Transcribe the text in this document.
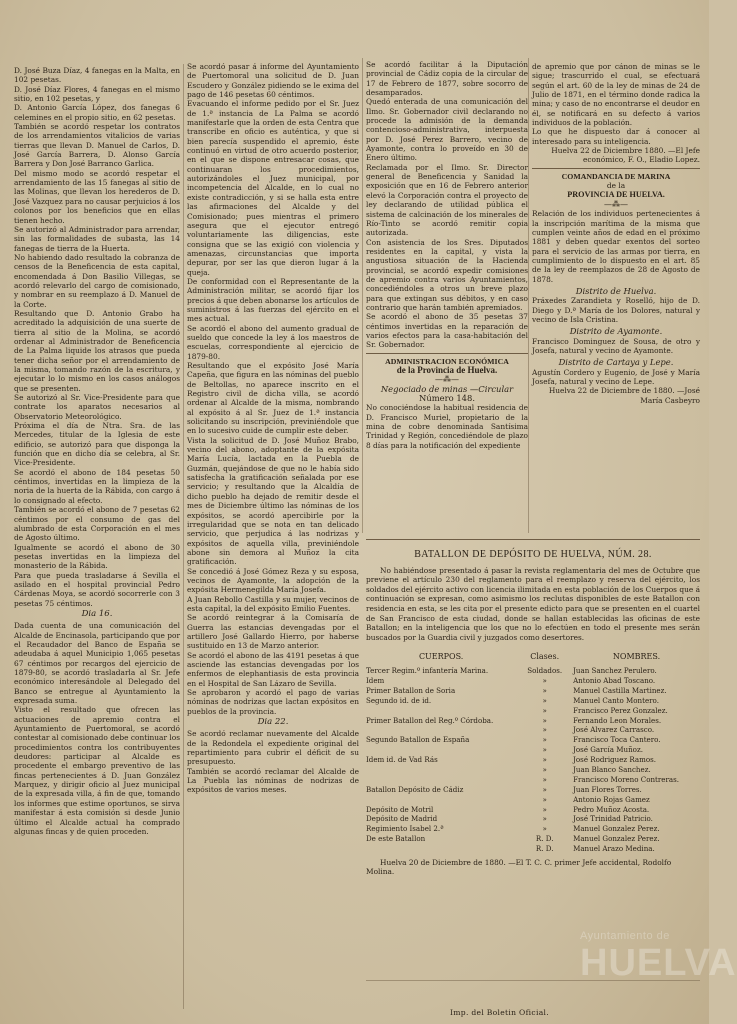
D. José Buza Díaz, 4 fanegas en la Malta, en 102 pesetas.

D. José Díaz Flores, 4 fanegas en el mismo sitio, en 102 pesetas, y

D. Antonio García López, dos fanegas 6 celemines en el propio sitio, en 62 pesetas.

También se acordó respetar los contratos de los arrendamientos vitalicios de varias tierras que llevan D. Manuel de Carlos, D. José García Barrera, D. Alonso García Barrera y Don José Barranco Garlica.

Del mismo modo se acordó respetar el arrendamiento de las 15 fanegas al sitio de las Molinas, que llevan los herederos de D. José Vazquez para no causar perjuicios á los colonos por los beneficios que en ellas tienen hecho.

Se autorizó al Administrador para arrendar, sin las formalidades de subasta, las 14 fanegas de tierra de la Huerta.

No habiendo dado resultado la cobranza de censos de la Beneficencia de esta capital, encomendada á Don Basilio Villegas, se acordó relevarlo del cargo de comisionado, y nombrar en su reemplazo á D. Manuel de la Corte.

Resultando que D. Antonio Grabo ha acreditado la adquisición de una suerte de tierra al sitio de la Molina, se acordó ordenar al Administrador de Beneficencia de La Palma liquide los atrasos que pueda tener dicha señor por el arrendamiento de la misma, tomando razón de la escritura, y ejecutar lo lo mismo en los casos análogos que se presenten.

Se autorizó al Sr. Vice-Presidente para que contrate los aparatos necesarios al Observatorio Meteorológico.

Próxima el día de Ntra. Sra. de las Mercedes, titular de la Iglesia de este edificio, se autorizó para que disponga la función que en dicho día se celebra, al Sr. Vice-Presidente.

Se acordó el abono de 184 pesetas 50 céntimos, invertidas en la limpieza de la noria de la huerta de la Rábida, con cargo á lo consignado al efecto.

También se acordó el abono de 7 pesetas 62 céntimos por el consumo de gas del alumbrado de esta Corporación en el mes de Agosto último.

Igualmente se acordó el abono de 30 pesetas invertidas en la limpieza del monasterio de la Rábida.

Para que pueda trasladarse á Sevilla el asilado en el hospital provincial Pedro Cárdenas Moya, se acordó socorrerle con 3 pesetas 75 céntimos.

Dia 16.

Dada cuenta de una comunicación del Alcalde de Encinasola, participando que por el Recaudador del Banco de España se adeudaba á aquel Municipio 1,065 pesetas 67 céntimos por recargos del ejercicio de 1879-80, se acordó trasladarla al Sr. Jefe económico interesándole al Delegado del Banco se entregue al Ayuntamiento la expresada suma.

Visto el resultado que ofrecen las actuaciones de apremio contra el Ayuntamiento de Puertomoral, se acordó contestar al comisionado debe continuar los procedimientos contra los contribuyentes deudores: participar al Alcalde es procedente el embargo preventivo de las fincas pertenecientes á D. Juan González Marquez, y dirigir oficio al Juez municipal de la expresada villa, á fin de que, tomando los informes que estime oportunos, se sirva manifestar á esta comisión si desde Junio último el Alcalde actual ha comprado algunas fincas y de quien proceden.

Se acordó pasar á informe del Ayuntamiento de Puertomoral una solicitud de D. Juan Escudero y González pidiendo se le exima del pago de 146 pesetas 60 céntimos.

Evacuando el informe pedido por el Sr. Juez de 1.ª instancia de La Palma se acordó manifestarle que la orden de esta Centra que transcribe en oficio es auténtica, y que si bien parecía suspendido el apremio, éste continuó en virtud de otro acuerdo posterior, en el que se dispone entresacar cosas, que continuaran los procedimientos, autorizándoles el Juez municipal, por incompetencia del Alcalde, en lo cual no existe contradicción, y si se halla esta entre las afirmaciones del Alcalde y del Comisionado; pues mientras el primero asegura que el ejecutor entregó voluntariamente las diligencias, este consigna que se las exigió con violencia y amenazas, circunstancias que importa depurar, por ser las que dieron lugar á la queja.

De conformidad con el Representante de la Administración militar, se acordó fijar los precios á que deben abonarse los artículos de suministros á las fuerzas del ejército en el mes actual.

Se acordó el abono del aumento gradual de sueldo que concede la ley á los maestros de escuelas, correspondiente al ejercicio de 1879-80.

Resultando que el expósito José María Capeña, que figura en las nóminas del pueblo de Beltollas, no aparece inscrito en el Registro civil de dicha villa, se acordó ordenar al Alcalde de la misma, nombrando al expósito á al Sr. Juez de 1.ª instancia solicitando su inscripción, previniéndole que en lo sucesivo cuide de cumplir este deber.

Vista la solicitud de D. José Muñoz Brabo, vecino del abono, adoptante de la expósita María Lucía, lactada en la Puebla de Guzmán, quejándose de que no le había sido satisfecha la gratificación señalada por ese servicio; y resultando que la Alcaldía de dicho pueblo ha dejado de remitir desde el mes de Diciembre último las nóminas de los expósitos, se acordó apercibirle por la irregularidad que se nota en tan delicado servicio, que perjudica á las nodrizas y expósitos de aquella villa, previniéndole abone sin demora al Muñoz la cita gratificación.

Se concedió á José Gómez Reza y su esposa, vecinos de Ayamonte, la adopción de la expósita Hermenegilda María Josefa.

A Juan Rebollo Castilla y su mujer, vecinos de esta capital, la del expósito Emilio Fuentes.

Se acordó reintegrar á la Comisaría de Guerra las estancias devengadas por el artillero José Gallardo Hierro, por haberse sustituido en 13 de Marzo anterior.

Se acordó el abono de las 4191 pesetas á que asciende las estancias devengadas por los enfermos de elephantiasis de esta provincia en el Hospital de San Lázaro de Sevilla.

Se aprobaron y acordó el pago de varias nóminas de nodrizas que lactan expósitos en pueblos de la provincia.

Dia 22.

Se acordó reclamar nuevamente del Alcalde de la Redondela el expediente original del repartimiento para cubrir el déficit de su presupuesto.

También se acordó reclamar del Alcalde de La Puebla las nóminas de nodrizas de expósitos de varios meses.

Se acordó facilitar á la Diputación provincial de Cádiz copia de la circular de 17 de Febrero de 1877, sobre socorro de desamparados.

Quedó enterada de una comunicación del Ilmo. Sr. Gobernador civil declarando no procede la admisión de la demanda contencioso-administrativa, interpuesta por D. José Perez Barrero, vecino de Ayamonte, contra lo proveído en 30 de Enero último.

Reclamada por el Ilmo. Sr. Director general de Beneficencia y Sanidad la exposición que en 16 de Febrero anterior elevó la Corporación contra el proyecto de ley declarando de utilidad pública el sistema de calcinación de los minerales de Río-Tinto se acordó remitir copia autorizada.

Con asistencia de los Sres. Diputados residentes en la capital, y vista la angustiosa situación de la Hacienda provincial, se acordó expedir comisiones de apremio contra varios Ayuntamientos, concediéndoles a otros un breve plazo para que extingan sus débitos, y en caso contrario que harán también apremiados.

Se acordó el abono de 35 pesetas 37 céntimos invertidas en la reparación de varios efectos para la casa-habitación del Sr. Gobernador.

ADMINISTRACION ECONÓMICA

de la Provincia de Huelva.

—⁂—

Negociado de minas —Circular

Número 148.

No conociéndose la habitual residencia de D. Francisco Muriel, propietario de la mina de cobre denominada Santísima Trinidad y Región, concediéndole de plazo 8 días para la notificación del expediente

de apremio que por cánon de minas se le sigue; trascurrido el cual, se efectuará según el art. 60 de la ley de minas de 24 de Julio de 1871, en el término donde radica la mina; y caso de no encontrarse el deudor en él, se notificará en su defecto á varios individuos de la población.

Lo que he dispuesto dar á conocer al interesado para su inteligencia.

Huelva 22 de Diciembre 1880. —El Jefe económico, F. O., Eladio Lopez.

COMANDANCIA DE MARINA

de la

PROVINCIA DE HUELVA.

—⁂—

Relación de los individuos pertenecientes á la inscripción marítima de la misma que cumplen veinte años de edad en el próximo 1881 y deben quedar exentos del sorteo para el servicio de las armas por tierra, en cumplimiento de lo dispuesto en el art. 85 de la ley de reemplazos de 28 de Agosto de 1878.

Distrito de Huelva.

Práxedes Zarandieta y Roselló, hijo de D. Diego y D.ª María de los Dolores, natural y vecino de Isla Cristina.

Distrito de Ayamonte.

Francisco Dominguez de Sousa, de otro y Josefa, natural y vecino de Ayamonte.

Distrito de Cartaya y Lepe.

Agustín Cordero y Eugenio, de José y María Josefa, natural y vecino de Lepe.

Huelva 22 de Diciembre de 1880. —José María Casbeyro

BATALLON DE DEPÓSITO DE HUELVA, NÚM. 28.

No habiéndose presentado á pasar la revista reglamentaria del mes de Octubre que previene el artículo 230 del reglamento para el reemplazo y reserva del ejército, los soldados del ejército activo con licencia ilimitada en esta población de los Cuerpos que á continuación se expresan, como asimismo los reclutas disponibles de este Batallon con residencia en esta, se les cita por el presente edicto para que se presenten en el cuartel de San Francisco de esta ciudad, donde se hallan establecidas las oficinas de este Batallon; en la inteligencia que los que no lo efectúen en todo el presente mes serán buscados por la Guardia civil y juzgados como desertores.

CUERPOS.	Clases.	NOMBRES.
Tercer Regim.º infantería Marina.	Soldados.	Juan Sanchez Perulero.
Idem	»	Antonio Abad Toscano.
Primer Batallon de Soria	»	Manuel Castilla Martinez.
Segundo id. de id.	»	Manuel Canto Montero.
	»	Francisco Perez Gonzalez.
Primer Batallon del Reg.º Córdoba.	»	Fernando Leon Morales.
	»	José Alvarez Carrasco.
Segundo Batallon de España	»	Francisco Toca Cantero.
	»	José García Muñoz.
Idem id. de Vad Rás	»	José Rodriguez Ramos.
	»	Juan Blanco Sanchez.
	»	Francisco Moreno Contreras.
Batallon Depósito de Cádiz	»	Juan Flores Torres.
	»	Antonio Rojas Gamez
Depósito de Motril	»	Pedro Muñoz Acosta.
Depósito de Madrid	»	José Trinidad Patricio.
Regimiento Isabel 2.ª	»	Manuel Gonzalez Perez.
De este Batallon	R. D.	Manuel Gonzalez Perez.
	R. D.	Manuel Arazo Medina.

Huelva 20 de Diciembre de 1880. —El T. C. C. primer Jefe accidental, Rodolfo Molina.

Imp. del Boletin Oficial.
Ayuntamiento de
HUELVA
